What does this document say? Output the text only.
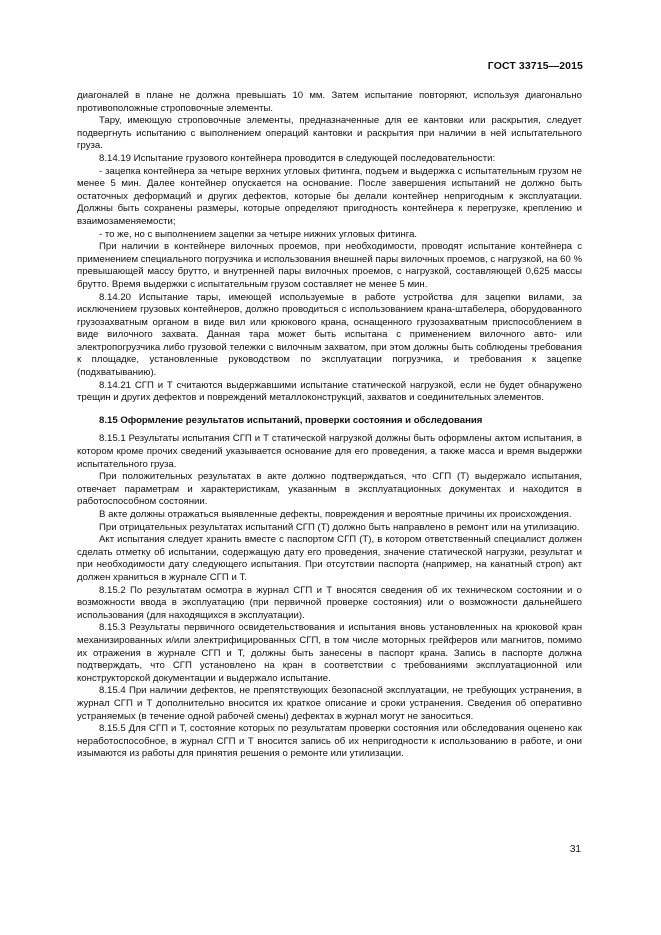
ГОСТ 33715—2015

диагоналей в плане не должна превышать 10 мм. Затем испытание повторяют, используя диагонально противоположные строповочные элементы.

Тару, имеющую строповочные элементы, предназначенные для ее кантовки или раскрытия, следует подвергнуть испытанию с выполнением операций кантовки и раскрытия при наличии в ней испытательного груза.

8.14.19 Испытание грузового контейнера проводится в следующей последовательности:

- зацепка контейнера за четыре верхних угловых фитинга, подъем и выдержка с испытательным грузом не менее 5 мин. Далее контейнер опускается на основание. После завершения испытаний не должно быть остаточных деформаций и других дефектов, которые бы делали контейнер непригодным к эксплуатации. Должны быть сохранены размеры, которые определяют пригодность контейнера к перегрузке, креплению и взаимозаменяемости;

- то же, но с выполнением зацепки за четыре нижних угловых фитинга.

При наличии в контейнере вилочных проемов, при необходимости, проводят испытание контейнера с применением специального погрузчика и использования внешней пары вилочных проемов, с нагрузкой, на 60 % превышающей массу брутто, и внутренней пары вилочных проемов, с нагрузкой, составляющей 0,625 массы брутто. Время выдержки с испытательным грузом составляет не менее 5 мин.

8.14.20 Испытание тары, имеющей используемые в работе устройства для зацепки вилами, за исключением грузовых контейнеров, должно проводиться с использованием крана-штабелера, оборудованного грузозахватным органом в виде вил или крюкового крана, оснащенного грузозахватным приспособлением в виде вилочного захвата. Данная тара может быть испытана с применением вилочного авто- или электропогрузчика либо грузовой тележки с вилочным захватом, при этом должны быть соблюдены требования к площадке, установленные руководством по эксплуатации погрузчика, и требования к зацепке (подхватыванию).

8.14.21 СГП и Т считаются выдержавшими испытание статической нагрузкой, если не будет обнаружено трещин и других дефектов и повреждений металлоконструкций, захватов и соединительных элементов.

8.15 Оформление результатов испытаний, проверки состояния и обследования

8.15.1 Результаты испытания СГП и Т статической нагрузкой должны быть оформлены актом испытания, в котором кроме прочих сведений указывается основание для его проведения, а также масса и время выдержки испытательного груза.

При положительных результатах в акте должно подтверждаться, что СГП (Т) выдержало испытания, отвечает параметрам и характеристикам, указанным в эксплуатационных документах и находится в работоспособном состоянии.

В акте должны отражаться выявленные дефекты, повреждения и вероятные причины их происхождения.

При отрицательных результатах испытаний СГП (Т) должно быть направлено в ремонт или на утилизацию.

Акт испытания следует хранить вместе с паспортом СГП (Т), в котором ответственный специалист должен сделать отметку об испытании, содержащую дату его проведения, значение статической нагрузки, результат и при необходимости дату следующего испытания. При отсутствии паспорта (например, на канатный строп) акт должен храниться в журнале СГП и Т.

8.15.2 По результатам осмотра в журнал СГП и Т вносятся сведения об их техническом состоянии и о возможности ввода в эксплуатацию (при первичной проверке состояния) или о возможности дальнейшего использования (для находящихся в эксплуатации).

8.15.3 Результаты первичного освидетельствования и испытания вновь установленных на крюковой кран механизированных и/или электрифицированных СГП, в том числе моторных грейферов или магнитов, помимо их отражения в журнале СГП и Т, должны быть занесены в паспорт крана. Запись в паспорте должна подтверждать, что СГП установлено на кран в соответствии с требованиями эксплуатационной или конструкторской документации и выдержало испытание.

8.15.4 При наличии дефектов, не препятствующих безопасной эксплуатации, не требующих устранения, в журнал СГП и Т дополнительно вносится их краткое описание и сроки устранения. Сведения об оперативно устраняемых (в течение одной рабочей смены) дефектах в журнал могут не заноситься.

8.15.5 Для СГП и Т, состояние которых по результатам проверки состояния или обследования оценено как неработоспособное, в журнал СГП и Т вносится запись об их непригодности к использованию в работе, и они изымаются из работы для принятия решения о ремонте или утилизации.

31
